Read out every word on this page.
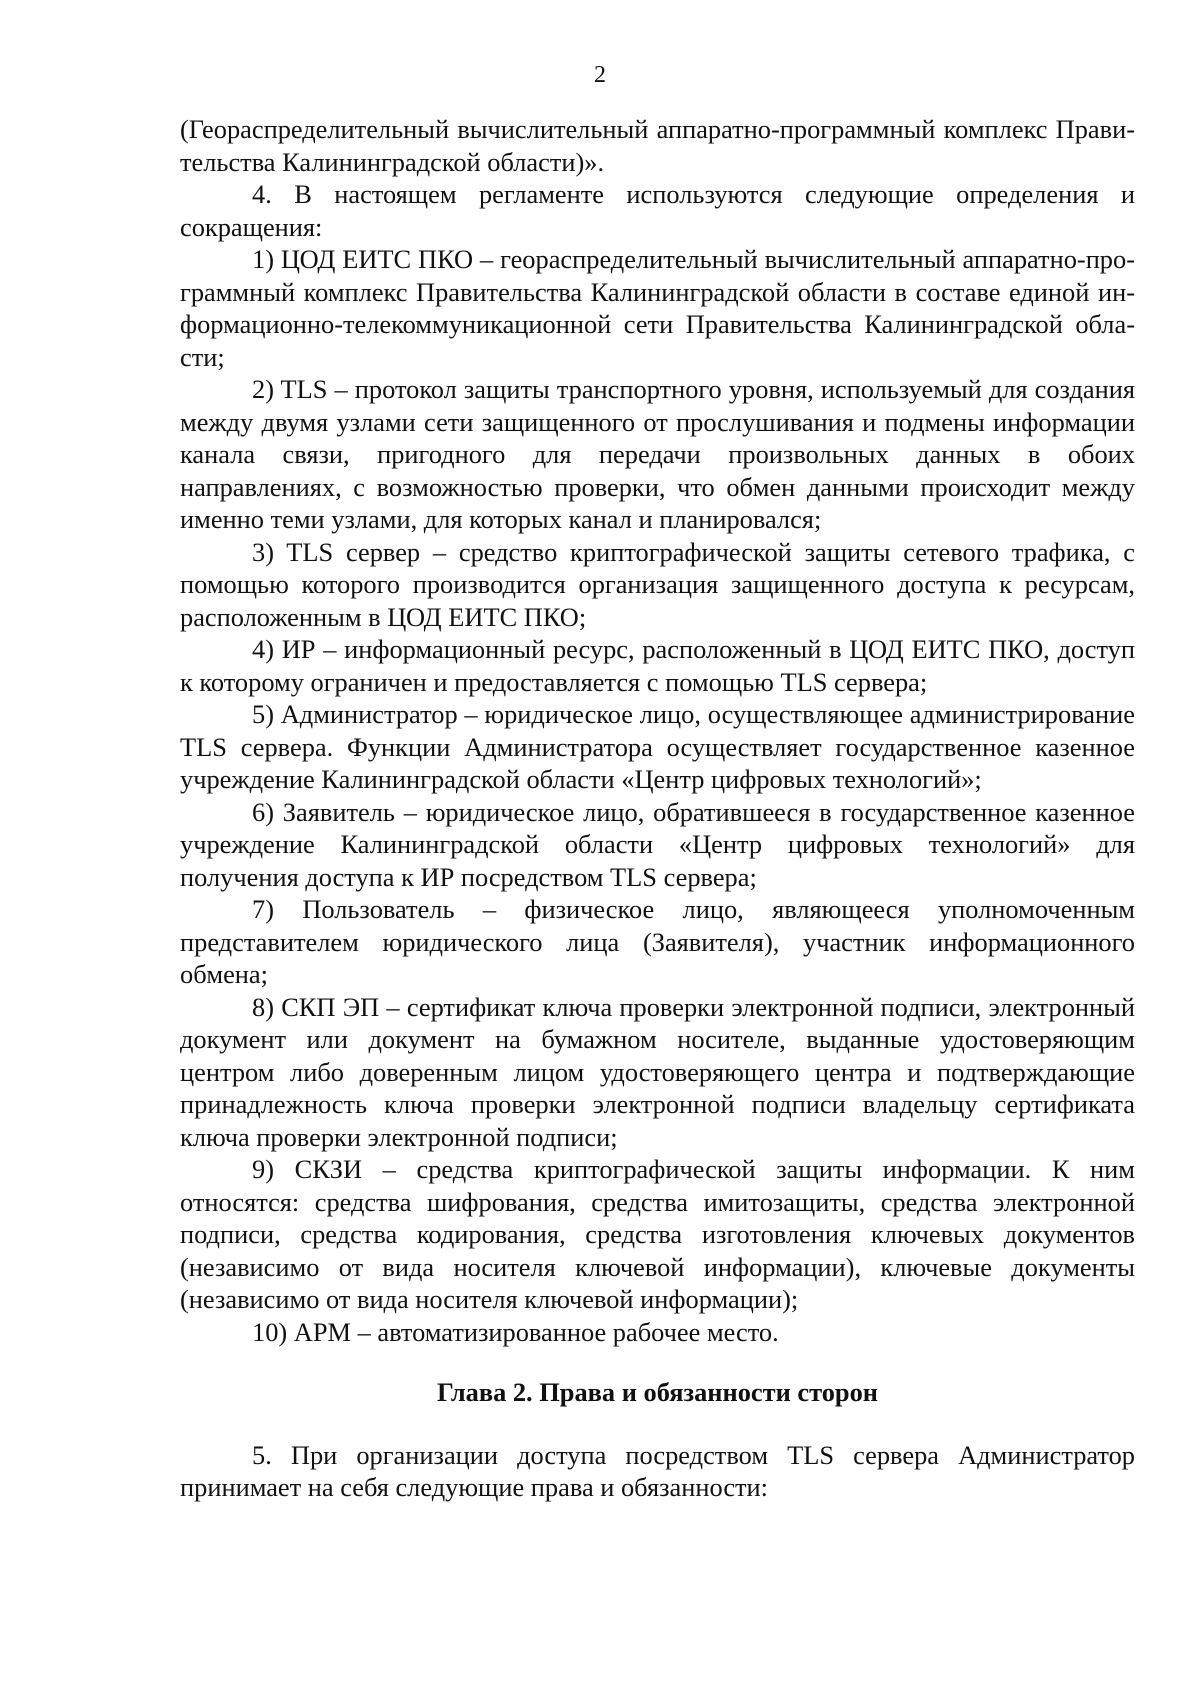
2

(Геораспределительный вычислительный аппаратно-программный комплекс Правительства Калининградской области)».

4. В настоящем регламенте используются следующие определения и сокращения:

1) ЦОД ЕИТС ПКО – геораспределительный вычислительный аппаратно-программный комплекс Правительства Калининградской области в составе единой информационно-телекоммуникационной сети Правительства Калининградской области;

2) TLS – протокол защиты транспортного уровня, используемый для создания между двумя узлами сети защищенного от прослушивания и подмены информации канала связи, пригодного для передачи произвольных данных в обоих направлениях, с возможностью проверки, что обмен данными происходит между именно теми узлами, для которых канал и планировался;

3) TLS сервер – средство криптографической защиты сетевого трафика, с помощью которого производится организация защищенного доступа к ресурсам, расположенным в ЦОД ЕИТС ПКО;

4) ИР – информационный ресурс, расположенный в ЦОД ЕИТС ПКО, доступ к которому ограничен и предоставляется с помощью TLS сервера;

5) Администратор – юридическое лицо, осуществляющее администрирование TLS сервера. Функции Администратора осуществляет государственное казенное учреждение Калининградской области «Центр цифровых технологий»;

6) Заявитель – юридическое лицо, обратившееся в государственное казенное учреждение Калининградской области «Центр цифровых технологий» для получения доступа к ИР посредством TLS сервера;

7) Пользователь – физическое лицо, являющееся уполномоченным представителем юридического лица (Заявителя), участник информационного обмена;

8) СКП ЭП – сертификат ключа проверки электронной подписи, электронный документ или документ на бумажном носителе, выданные удостоверяющим центром либо доверенным лицом удостоверяющего центра и подтверждающие принадлежность ключа проверки электронной подписи владельцу сертификата ключа проверки электронной подписи;

9) СКЗИ – средства криптографической защиты информации. К ним относятся: средства шифрования, средства имитозащиты, средства электронной подписи, средства кодирования, средства изготовления ключевых документов (независимо от вида носителя ключевой информации), ключевые документы (независимо от вида носителя ключевой информации);

10) АРМ – автоматизированное рабочее место.

Глава 2. Права и обязанности сторон

5. При организации доступа посредством TLS сервера Администратор принимает на себя следующие права и обязанности:
